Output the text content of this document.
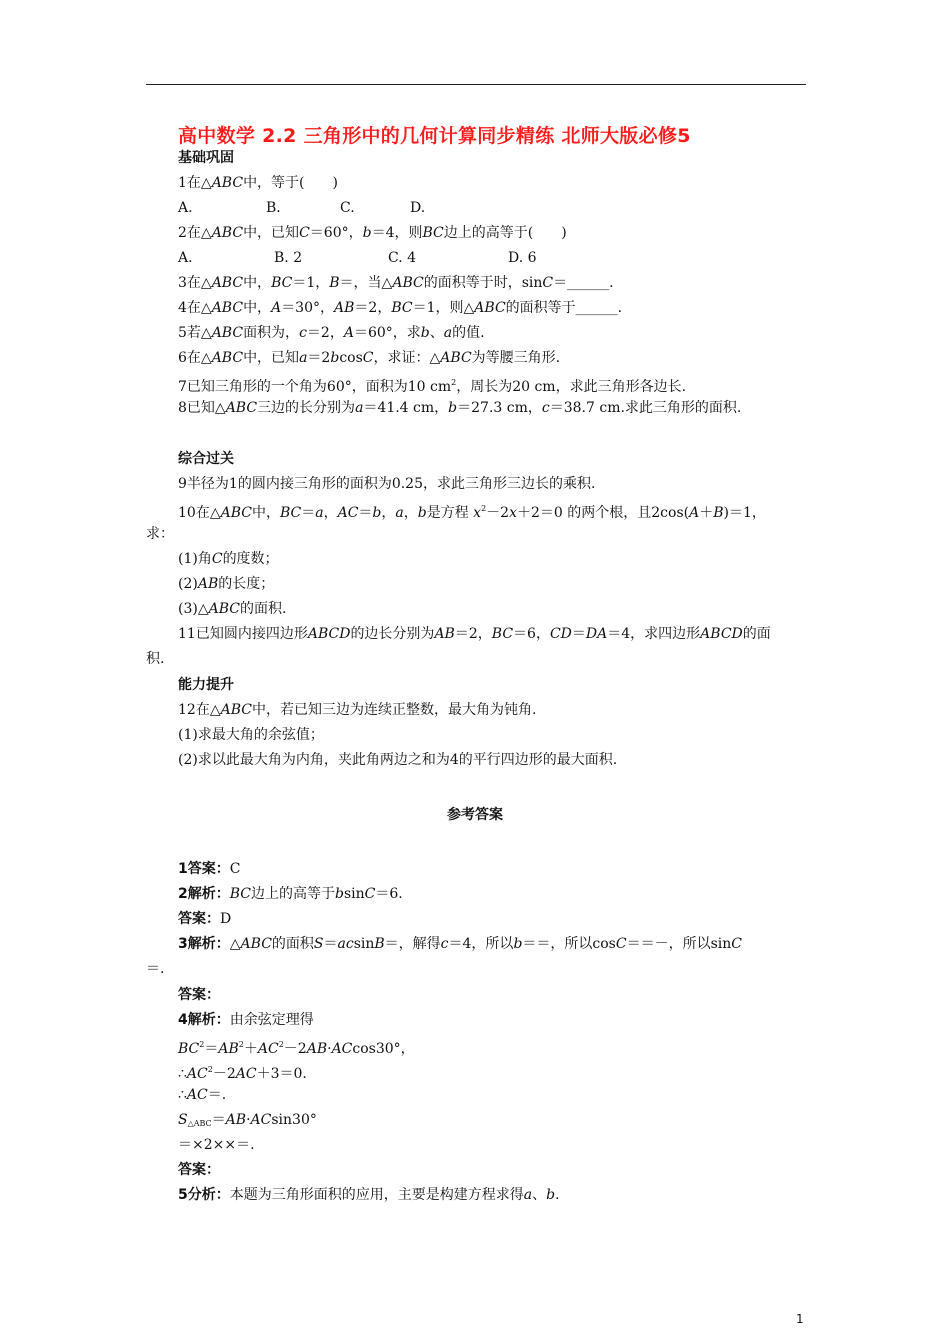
高中数学 2.2 三角形中的几何计算同步精练 北师大版必修5
基础巩固
1在△ABC中，等于(　　)
A.	B.	C.	D.
2在△ABC中，已知C＝60°，b＝4，则BC边上的高等于(　　)
A.	B. 2	C. 4	D. 6
3在△ABC中，BC＝1，B＝，当△ABC的面积等于时，sinC＝______.
4在△ABC中，A＝30°，AB＝2，BC＝1，则△ABC的面积等于______.
5若△ABC面积为，c＝2，A＝60°，求b、a的值.
6在△ABC中，已知a＝2bcosC，求证：△ABC为等腰三角形.
7已知三角形的一个角为60°，面积为10 $cm^2$，周长为20 cm，求此三角形各边长.
8已知△ABC三边的长分别为a＝41.4 cm，b＝27.3 cm，c＝38.7 cm.求此三角形的面积.
综合过关
9半径为1的圆内接三角形的面积为0.25，求此三角形三边长的乘积.
10在△ABC中，BC＝a，AC＝b，a，b是方程 $x^2-2x+2=0$ 的两个根，且2cos(A＋B)＝1，
求：
(1)角C的度数；
(2)AB的长度；
(3)△ABC的面积.
11已知圆内接四边形ABCD的边长分别为AB＝2，BC＝6，CD＝DA＝4，求四边形ABCD的面
积.
能力提升
12在△ABC中，若已知三边为连续正整数，最大角为钝角.
(1)求最大角的余弦值；
(2)求以此最大角为内角，夹此角两边之和为4的平行四边形的最大面积.
参考答案
1答案：C
2解析：BC边上的高等于bsinC＝6.
答案：D
3解析：△ABC的面积S＝acsinB＝，解得c＝4，所以b＝＝，所以cosC＝＝－，所以sinC
＝.
答案：
4解析：由余弦定理得
$BC^2=AB^2+AC^2-2AB\cdot ACcos30^\circ$，
$\therefore AC^2-2AC+3=0$.
∴AC＝.
$S_{\triangle ABC}=AB\cdot ACsin30^\circ$
＝×2××＝.
答案：
5分析：本题为三角形面积的应用，主要是构建方程求得a、b.
1
